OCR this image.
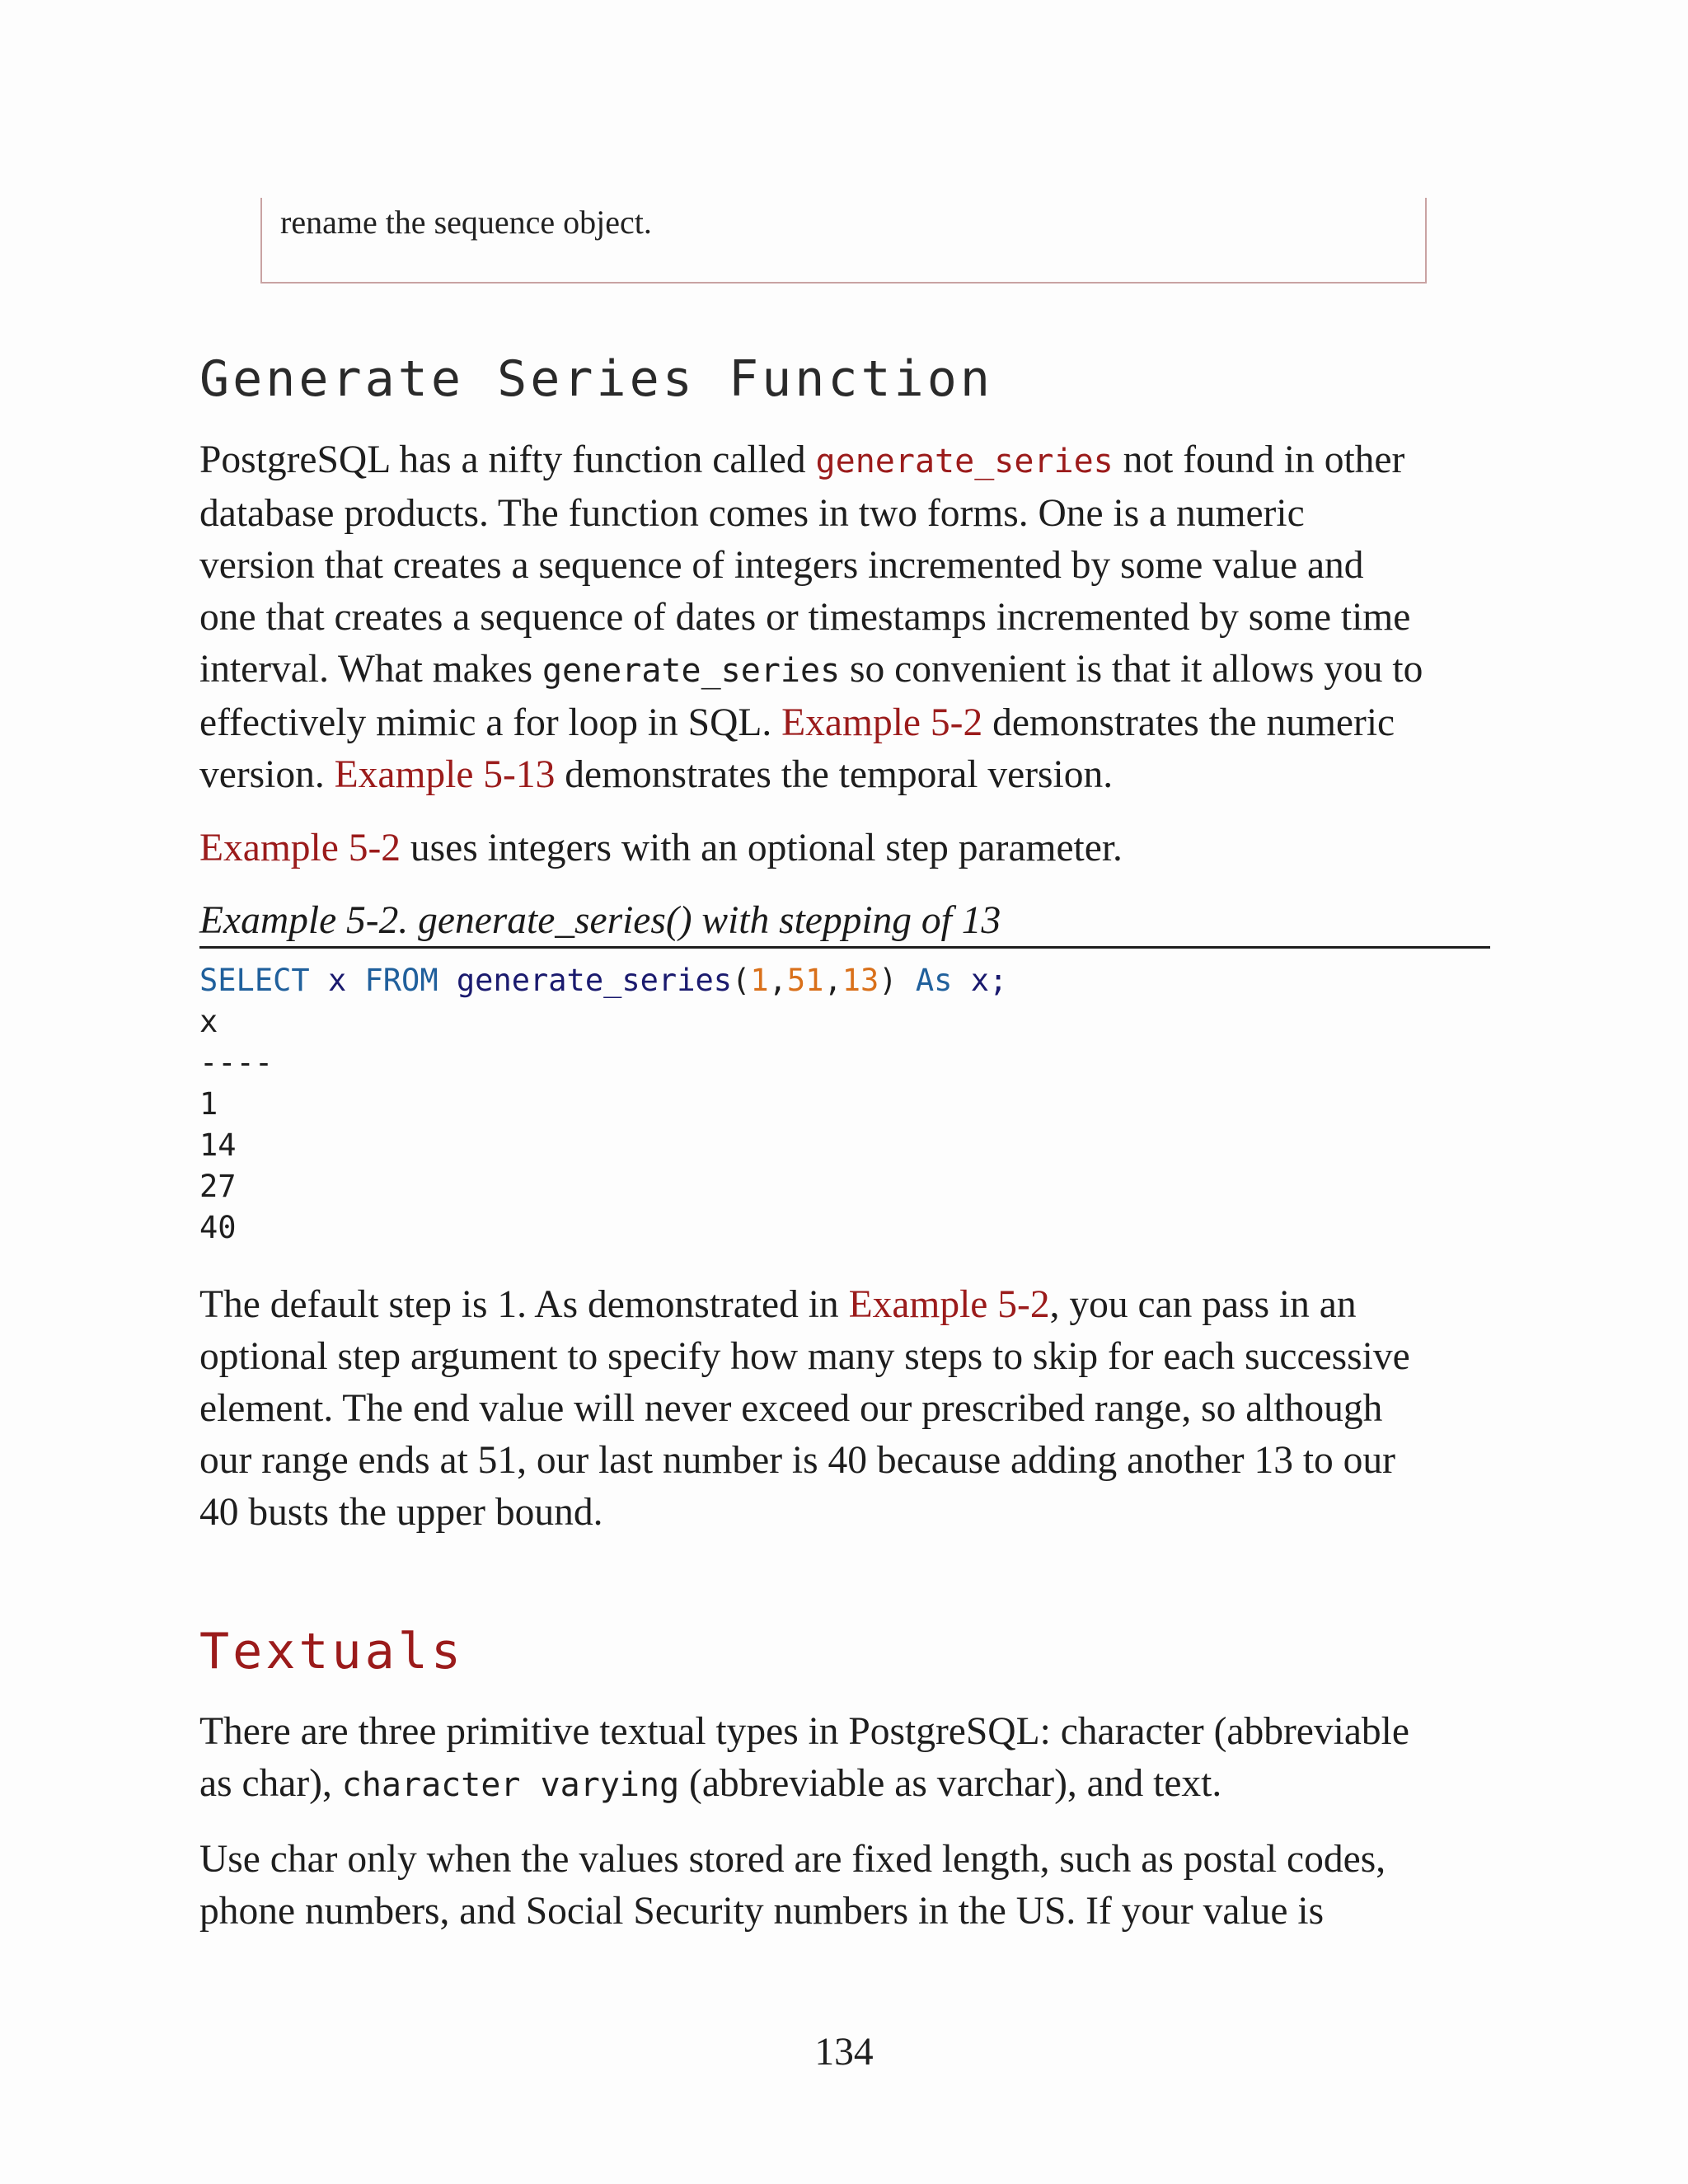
rename the sequence object.
Generate Series Function
PostgreSQL has a nifty function called generate_series not found in other
database products. The function comes in two forms. One is a numeric
version that creates a sequence of integers incremented by some value and
one that creates a sequence of dates or timestamps incremented by some time
interval. What makes generate_series so convenient is that it allows you to
effectively mimic a for loop in SQL. Example 5-2 demonstrates the numeric
version. Example 5-13 demonstrates the temporal version.
Example 5-2 uses integers with an optional step parameter.
Example 5-2. generate_series() with stepping of 13
SELECT x FROM generate_series(1,51,13) As x;
x
----
1
14
27
40
The default step is 1. As demonstrated in Example 5-2, you can pass in an
optional step argument to specify how many steps to skip for each successive
element. The end value will never exceed our prescribed range, so although
our range ends at 51, our last number is 40 because adding another 13 to our
40 busts the upper bound.
Textuals
There are three primitive textual types in PostgreSQL: character (abbreviable
as char), character varying (abbreviable as varchar), and text.
Use char only when the values stored are fixed length, such as postal codes,
phone numbers, and Social Security numbers in the US. If your value is
134
